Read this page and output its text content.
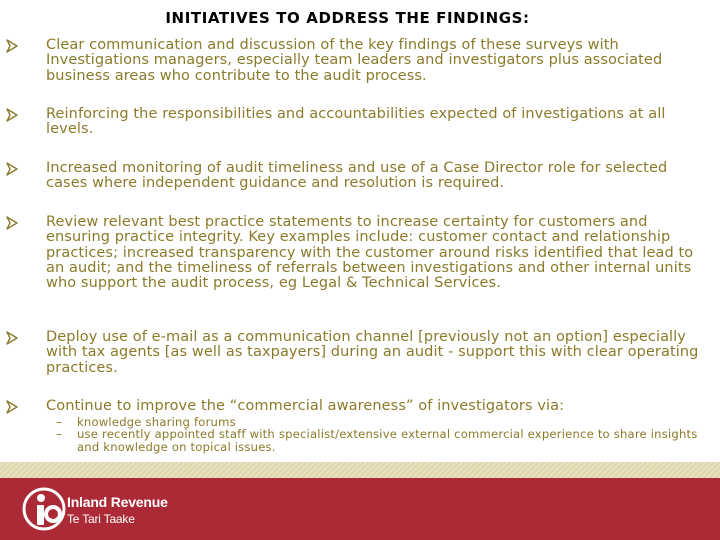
INITIATIVES TO ADDRESS THE FINDINGS:
Clear communication and discussion of the key findings of these surveys with Investigations managers, especially team leaders and investigators plus associated business areas who contribute to the audit process.
Reinforcing the responsibilities and accountabilities expected of investigations at all levels.
Increased monitoring of audit timeliness and use of a Case Director role for selected cases where independent guidance and resolution is required.
Review relevant best practice statements to increase certainty for customers and ensuring practice integrity. Key examples include: customer contact and relationship practices; increased transparency with the customer around risks identified that lead to an audit; and the timeliness of referrals between investigations and other internal units who support the audit process, eg Legal & Technical Services.
Deploy use of e-mail as a communication channel [previously not an option] especially with tax agents [as well as taxpayers] during an audit - support this with clear operating practices.
Continue to improve the “commercial awareness” of investigators via:
– knowledge sharing forums
– use recently appointed staff with specialist/extensive external commercial experience to share insights and knowledge on topical issues.
Inland Revenue
Te Tari Taake
